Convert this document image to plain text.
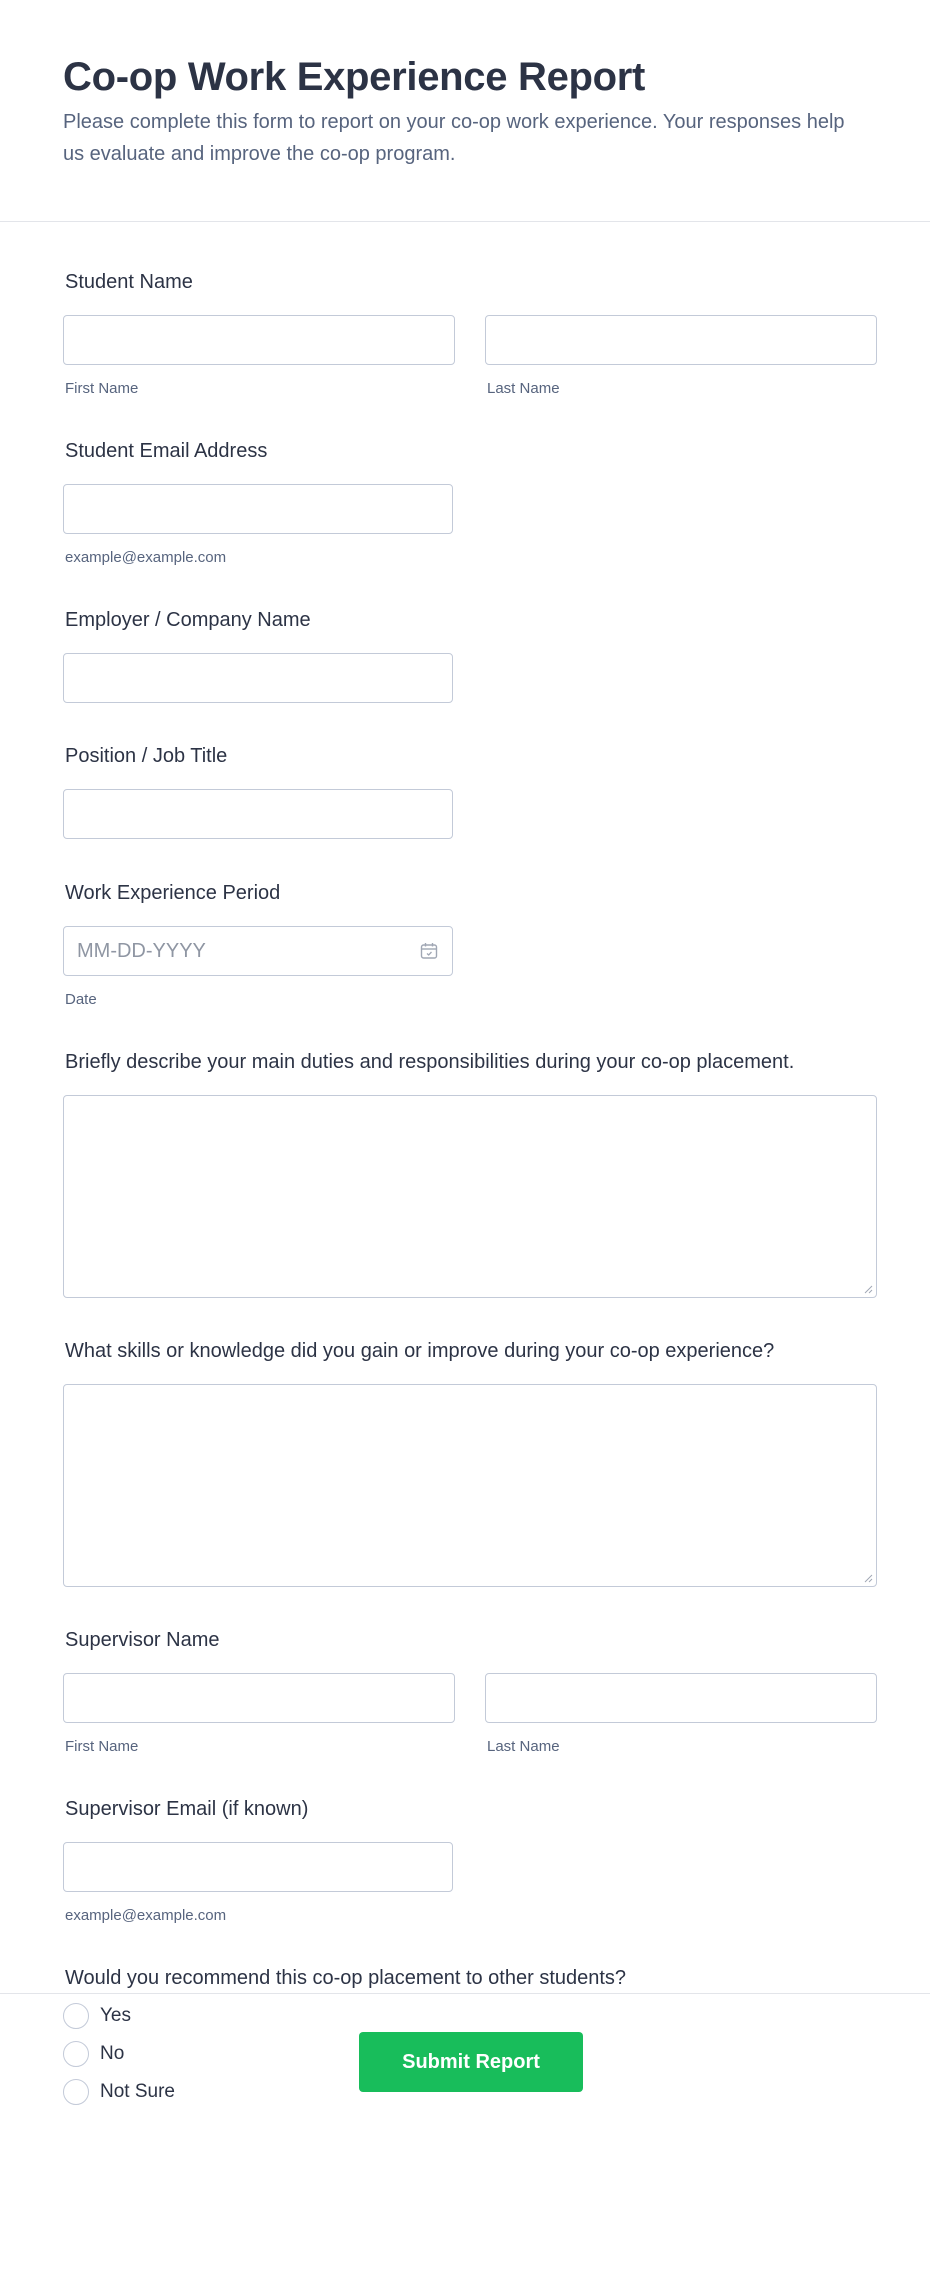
Co-op Work Experience Report

Please complete this form to report on your co-op work experience. Your responses help us evaluate and improve the co-op program.

Student Name
First Name	Last Name
Student Email Address
example@example.com
Employer / Company Name
Position / Job Title
Work Experience Period
MM-DD-YYYY
Date
Briefly describe your main duties and responsibilities during your co-op placement.
What skills or knowledge did you gain or improve during your co-op experience?
Supervisor Name
First Name	Last Name
Supervisor Email (if known)
example@example.com
Would you recommend this co-op placement to other students?
Yes
No
Not Sure
Submit Report
